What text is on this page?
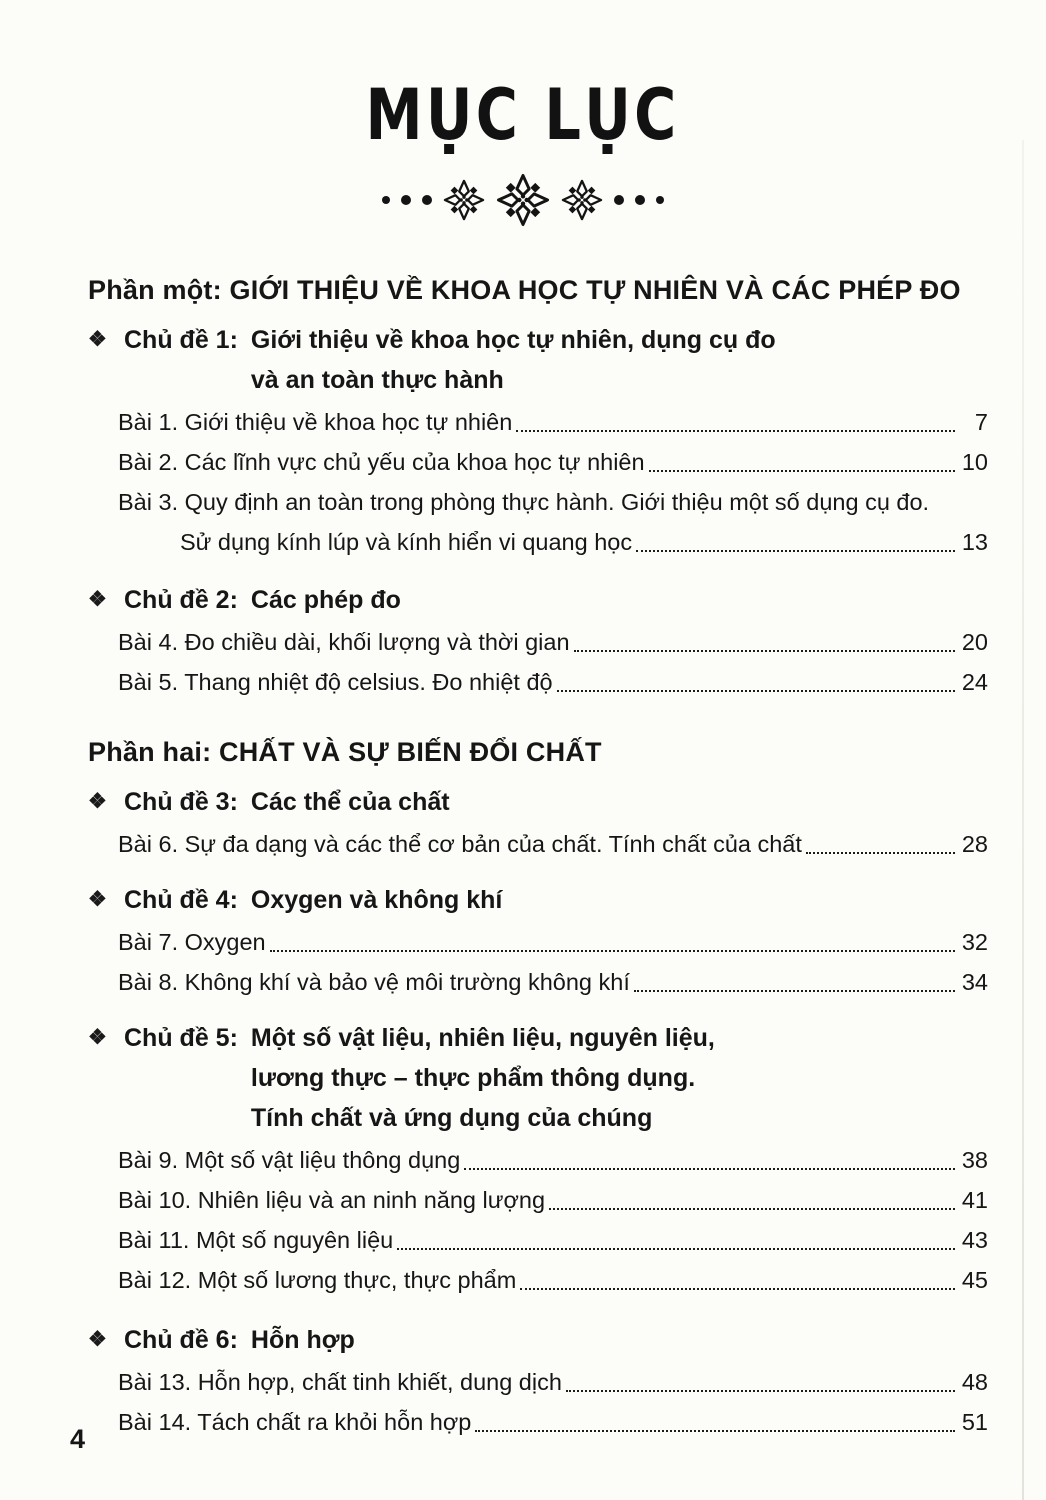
MỤC LỤC
Phần một: GIỚI THIỆU VỀ KHOA HỌC TỰ NHIÊN VÀ CÁC PHÉP ĐO
❖ Chủ đề 1: Giới thiệu về khoa học tự nhiên, dụng cụ đo
và an toàn thực hành
Bài 1. Giới thiệu về khoa học tự nhiên	7
Bài 2. Các lĩnh vực chủ yếu của khoa học tự nhiên	10
Bài 3. Quy định an toàn trong phòng thực hành. Giới thiệu một số dụng cụ đo.
Sử dụng kính lúp và kính hiển vi quang học	13
❖ Chủ đề 2: Các phép đo
Bài 4. Đo chiều dài, khối lượng và thời gian	20
Bài 5. Thang nhiệt độ celsius. Đo nhiệt độ	24
Phần hai: CHẤT VÀ SỰ BIẾN ĐỔI CHẤT
❖ Chủ đề 3: Các thể của chất
Bài 6. Sự đa dạng và các thể cơ bản của chất. Tính chất của chất	28
❖ Chủ đề 4: Oxygen và không khí
Bài 7. Oxygen	32
Bài 8. Không khí và bảo vệ môi trường không khí	34
❖ Chủ đề 5: Một số vật liệu, nhiên liệu, nguyên liệu,
lương thực – thực phẩm thông dụng.
Tính chất và ứng dụng của chúng
Bài 9. Một số vật liệu thông dụng	38
Bài 10. Nhiên liệu và an ninh năng lượng	41
Bài 11. Một số nguyên liệu	43
Bài 12. Một số lương thực, thực phẩm	45
❖ Chủ đề 6: Hỗn hợp
Bài 13. Hỗn hợp, chất tinh khiết, dung dịch	48
Bài 14. Tách chất ra khỏi hỗn hợp	51
4
